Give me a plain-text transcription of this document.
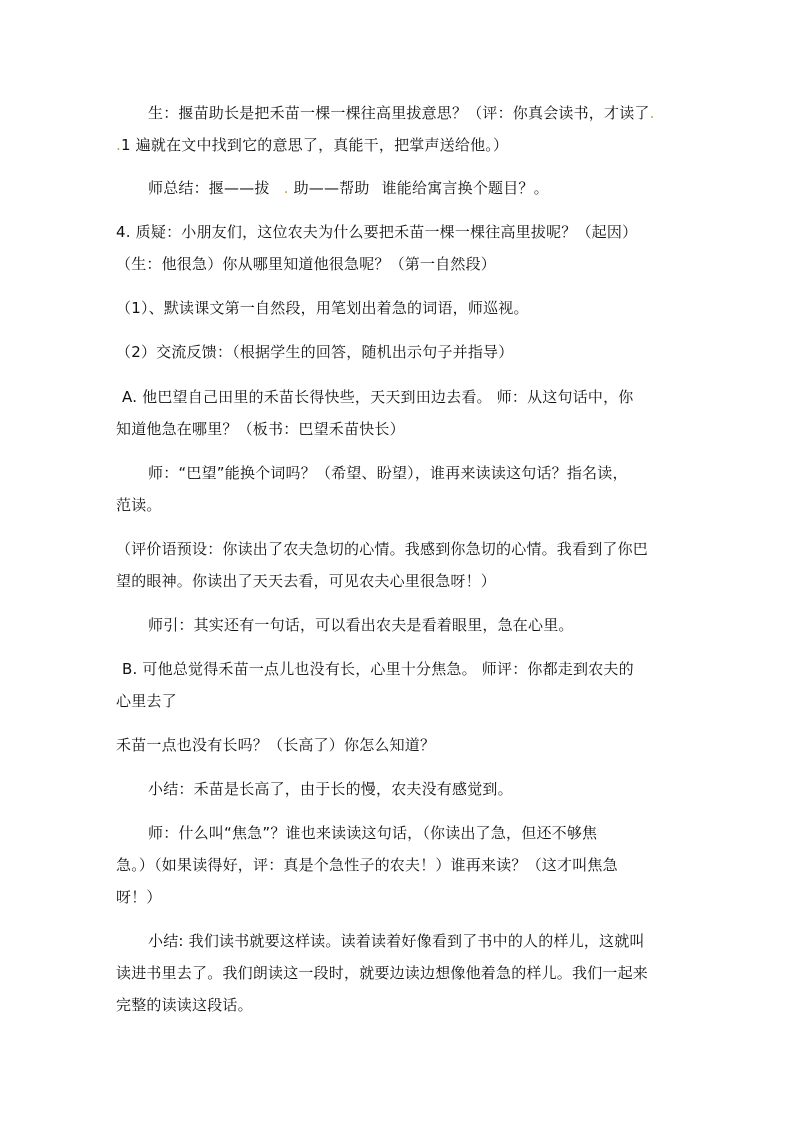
生：揠苗助长是把禾苗一棵一棵往高里拔意思？（评：你真会读书，才读了.
.1 遍就在文中找到它的意思了，真能干，把掌声送给他。）
师总结：揠——拔 . 助——帮助 谁能给寓言换个题目？。
4. 质疑：小朋友们，这位农夫为什么要把禾苗一棵一棵往高里拔呢？（起因）
（生：他很急）你从哪里知道他很急呢？（第一自然段）
（1）、默读课文第一自然段，用笔划出着急的词语，师巡视。
（2）交流反馈：（根据学生的回答，随机出示句子并指导）
A. 他巴望自己田里的禾苗长得快些，天天到田边去看。 师：从这句话中，你
知道他急在哪里？（板书：巴望禾苗快长）
师：“巴望”能换个词吗？（希望、盼望），谁再来读读这句话？指名读，
范读。
（评价语预设：你读出了农夫急切的心情。我感到你急切的心情。我看到了你巴
望的眼神。你读出了天天去看，可见农夫心里很急呀！）
师引：其实还有一句话，可以看出农夫是看着眼里，急在心里。
B. 可他总觉得禾苗一点儿也没有长，心里十分焦急。 师评：你都走到农夫的
心里去了
禾苗一点也没有长吗？（长高了）你怎么知道？
小结：禾苗是长高了，由于长的慢，农夫没有感觉到。
师：什么叫“焦急”？谁也来读读这句话，（你读出了急，但还不够焦
急。）（如果读得好，评：真是个急性子的农夫！）谁再来读？（这才叫焦急
呀！）
小结: 我们读书就要这样读。读着读着好像看到了书中的人的样儿，这就叫
读进书里去了。我们朗读这一段时，就要边读边想像他着急的样儿。我们一起来
完整的读读这段话。
